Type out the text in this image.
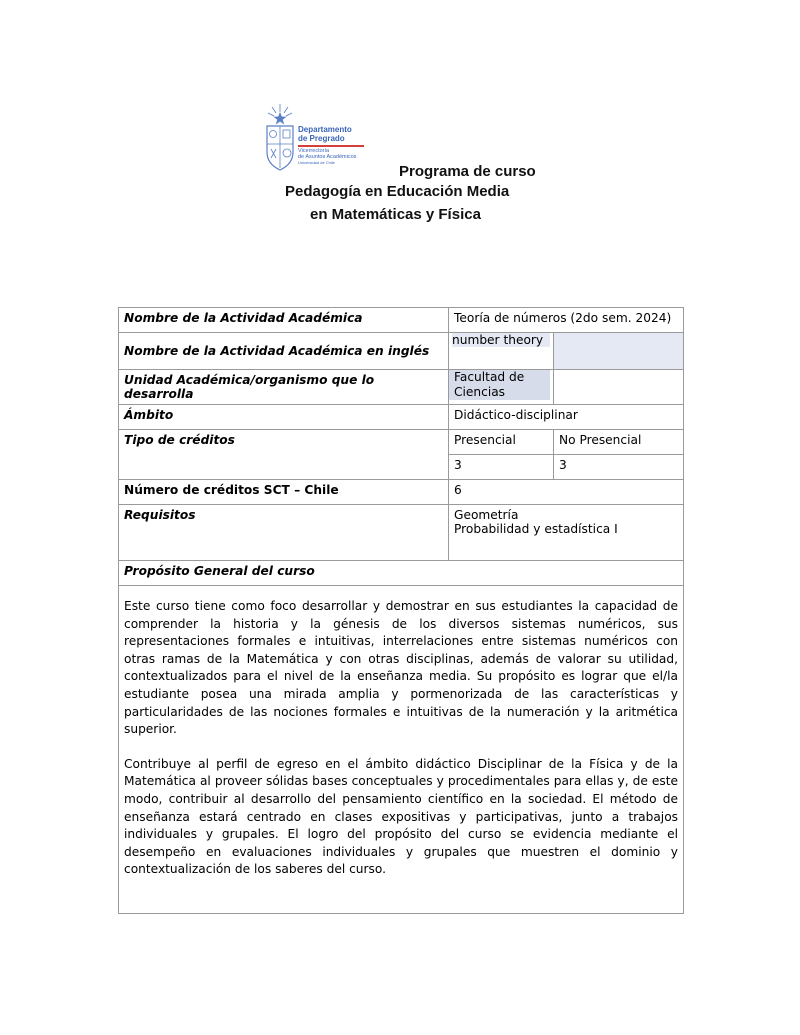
Departamento
de Pregrado
Vicerrectoría
de Asuntos Académicos
Universidad de Chile
Programa de curso
Pedagogía en Educación Media
en Matemáticas y Física
Nombre de la Actividad Académica	Teoría de números (2do sem. 2024)	
Nombre de la Actividad Académica en inglés	number theory	

Unidad Académica/organismo que lo desarrolla	Facultad de
Ciencias	

Ámbito	Didáctico-disciplinar	
Tipo de créditos	Presencial	No Presencial
	3	3
Número de créditos SCT – Chile	6	
Requisitos	Geometría
Probabilidad y estadística I	

Propósito General del curso		

Este curso tiene como foco desarrollar y demostrar en sus estudiantes la capacidad de comprender la historia y la génesis de los diversos sistemas numéricos, sus representaciones formales e intuitivas, interrelaciones entre sistemas numéricos con otras ramas de la Matemática y con otras disciplinas, además de valorar su utilidad, contextualizados para el nivel de la enseñanza media. Su propósito es lograr que el/la estudiante posea una mirada amplia y pormenorizada de las características y particularidades de las nociones formales e intuitivas de la numeración y la aritmética superior.

Contribuye al perfil de egreso en el ámbito didáctico Disciplinar de la Física y de la Matemática al proveer sólidas bases conceptuales y procedimentales para ellas y, de este modo, contribuir al desarrollo del pensamiento científico en la sociedad. El método de enseñanza estará centrado en clases expositivas y participativas, junto a trabajos individuales y grupales. El logro del propósito del curso se evidencia mediante el desempeño en evaluaciones individuales y grupales que muestren el dominio y contextualización de los saberes del curso.		
